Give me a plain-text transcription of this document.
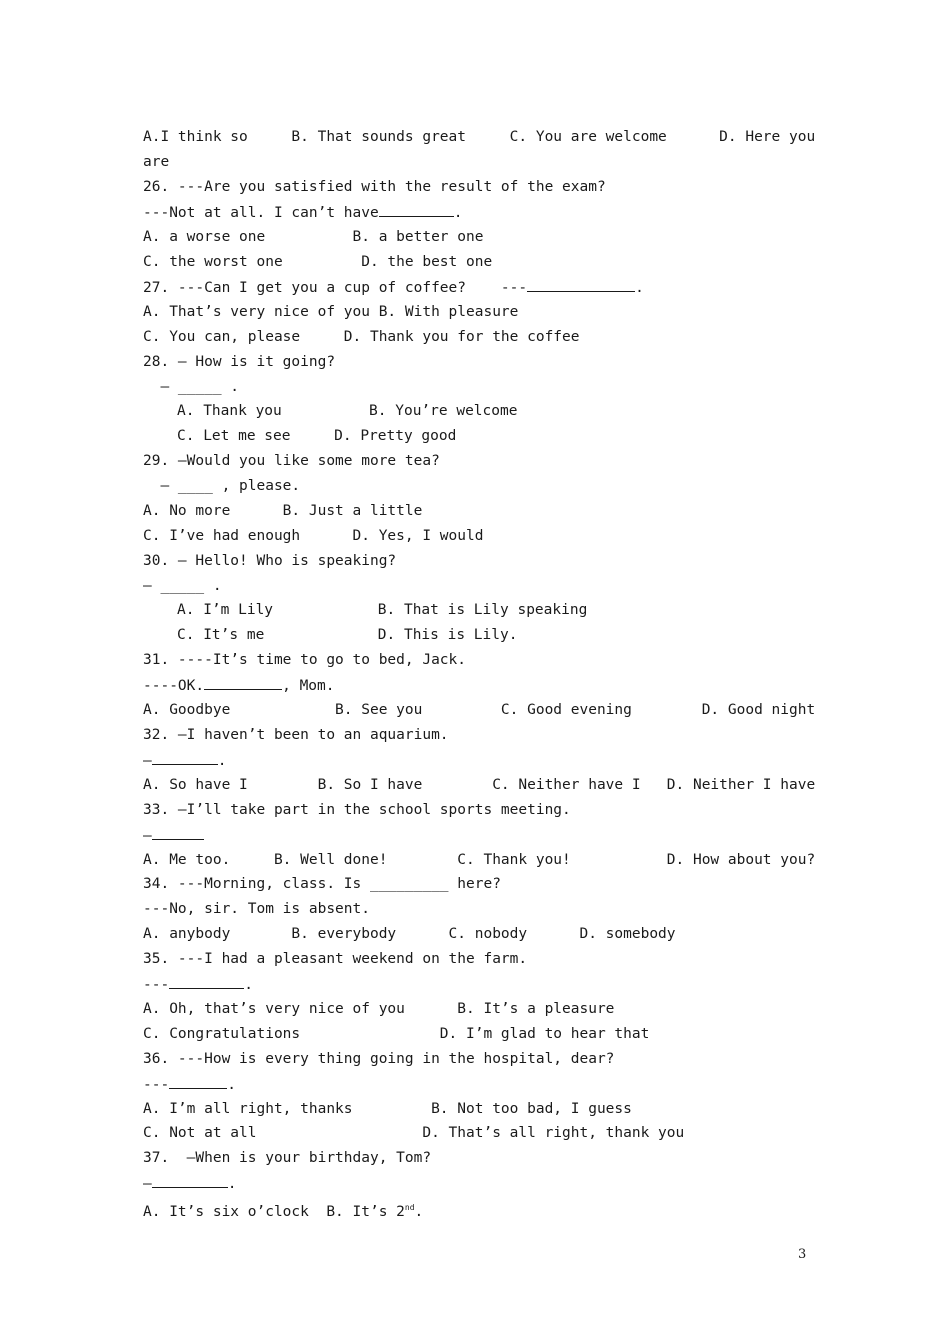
A.I think so     B. That sounds great     C. You are welcome      D. Here you
are
26. ---Are you satisfied with the result of the exam?
---Not at all. I can’t have	.
A. a worse one          B. a better one
C. the worst one         D. the best one
27. ---Can I get you a cup of coffee?    ---	.
A. That’s very nice of you B. With pleasure
C. You can, please     D. Thank you for the coffee
28. — How is it going?
— _____ .
A. Thank you          B. You’re welcome
C. Let me see     D. Pretty good
29. —Would you like some more tea?
— ____ , please.
A. No more      B. Just a little
C. I’ve had enough      D. Yes, I would
30. — Hello! Who is speaking?
— _____ .
A. I’m Lily            B. That is Lily speaking
C. It’s me             D. This is Lily.
31. ----It’s time to go to bed, Jack.
----OK.	, Mom.
A. Goodbye            B. See you         C. Good evening        D. Good night
32. —I haven’t been to an aquarium.
—	.
A. So have I        B. So I have        C. Neither have I   D. Neither I have
33. —I’ll take part in the school sports meeting.
—
A. Me too.     B. Well done!        C. Thank you!           D. How about you?
34. ---Morning, class. Is _________ here?
---No, sir. Tom is absent.
A. anybody       B. everybody      C. nobody      D. somebody
35. ---I had a pleasant weekend on the farm.
---	.
A. Oh, that’s very nice of you      B. It’s a pleasure
C. Congratulations                D. I’m glad to hear that
36. ---How is every thing going in the hospital, dear?
---	.
A. I’m all right, thanks         B. Not too bad, I guess
C. Not at all                   D. That’s all right, thank you
37.  —When is your birthday, Tom?
—	.
A. It’s six o’clock  B. It’s 2nd.
3
